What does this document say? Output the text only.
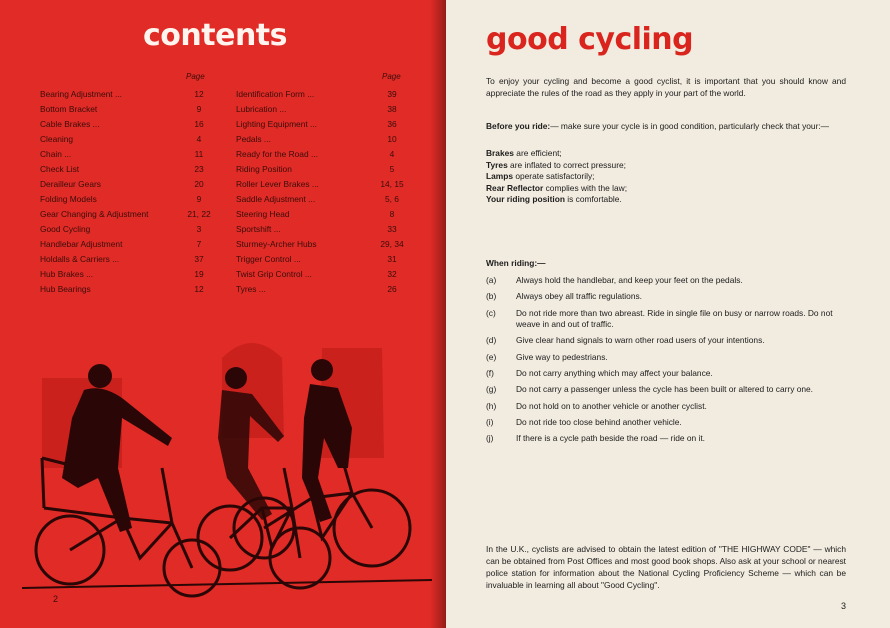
contents
Page	Page
Bearing Adjustment ...	12
Bottom Bracket	9
Cable Brakes ...	16
Cleaning	4
Chain ...	11
Check List	23
Derailleur Gears	20
Folding Models	9
Gear Changing & Adjustment	21, 22
Good Cycling	3
Handlebar Adjustment	7
Holdalls & Carriers ...	37
Hub Brakes ...	19
Hub Bearings	12
Identification Form ...	39
Lubrication ...	38
Lighting Equipment ...	36
Pedals ...	10
Ready for the Road ...	4
Riding Position	5
Roller Lever Brakes ...	14, 15
Saddle Adjustment ...	5, 6
Steering Head	8
Sportshift ...	33
Sturmey-Archer Hubs	29, 34
Trigger Control ...	31
Twist Grip Control ...	32
Tyres ...	26
2
good cycling

To enjoy your cycling and become a good cyclist, it is important that you should know and appreciate the rules of the road as they apply in your part of the world.

Before you ride:— make sure your cycle is in good condition, particularly check that your:—

Brakes are efficient;
Tyres are inflated to correct pressure;
Lamps operate satisfactorily;
Rear Reflector complies with the law;
Your riding position is comfortable.
When riding:—
(a)	Always hold the handlebar, and keep your feet on the pedals.
(b)	Always obey all traffic regulations.
(c)	Do not ride more than two abreast. Ride in single file on busy or narrow roads. Do not weave in and out of traffic.
(d)	Give clear hand signals to warn other road users of your intentions.
(e)	Give way to pedestrians.
(f)	Do not carry anything which may affect your balance.
(g)	Do not carry a passenger unless the cycle has been built or altered to carry one.
(h)	Do not hold on to another vehicle or another cyclist.
(i)	Do not ride too close behind another vehicle.
(j)	If there is a cycle path beside the road — ride on it.

In the U.K., cyclists are advised to obtain the latest edition of "THE HIGHWAY CODE" — which can be obtained from Post Offices and most good book shops. Also ask at your school or nearest police station for information about the National Cycling Proficiency Scheme — which can be invaluable in learning all about "Good Cycling".

3
